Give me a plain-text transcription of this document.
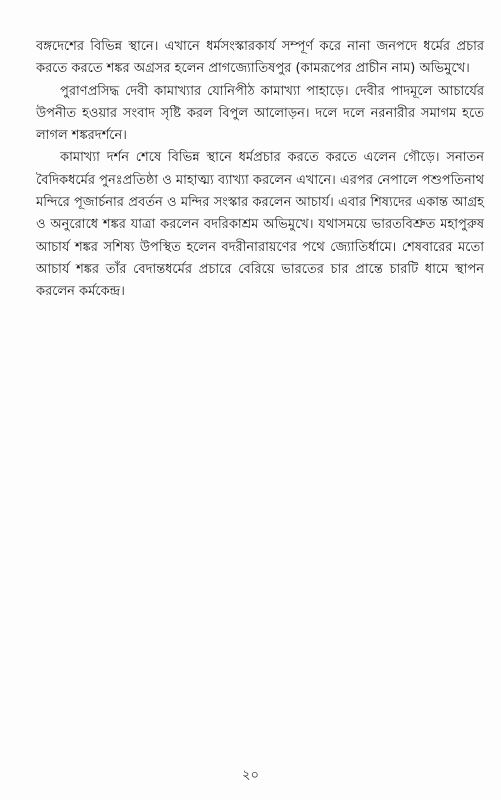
বঙ্গদেশের বিভিন্ন স্থানে। এখানে ধর্মসংস্কারকার্য সম্পূর্ণ করে নানা জনপদে ধর্মের প্রচার করতে করতে শঙ্কর অগ্রসর হলেন প্রাগজ্যোতিষপুর (কামরূপের প্রাচীন নাম) অভিমুখে।

পুরাণপ্রসিদ্ধ দেবী কামাখ্যার যোনিপীঠ কামাখ্যা পাহাড়ে। দেবীর পাদমূলে আচার্যের উপনীত হওয়ার সংবাদ সৃষ্টি করল বিপুল আলোড়ন। দলে দলে নরনারীর সমাগম হতে লাগল শঙ্করদর্শনে।

কামাখ্যা দর্শন শেষে বিভিন্ন স্থানে ধর্মপ্রচার করতে করতে এলেন গৌড়ে। সনাতন বৈদিকধর্মের পুনঃপ্রতিষ্ঠা ও মাহাত্ম্য ব্যাখ্যা করলেন এখানে। এরপর নেপালে পশুপতিনাথ মন্দিরে পূজার্চনার প্রবর্তন ও মন্দির সংস্কার করলেন আচার্য। এবার শিষ্যদের একান্ত আগ্রহ ও অনুরোধে শঙ্কর যাত্রা করলেন বদরিকাশ্রম অভিমুখে। যথাসময়ে ভারতবিশ্রুত মহাপুরুষ আচার্য শঙ্কর সশিষ্য উপস্থিত হলেন বদরীনারায়ণের পথে জ্যোতির্ধামে। শেষবারের মতো আচার্য শঙ্কর তাঁর বেদান্তধর্মের প্রচারে বেরিয়ে ভারতের চার প্রান্তে চারটি ধামে স্থাপন করলেন কর্মকেন্দ্র।

২০
